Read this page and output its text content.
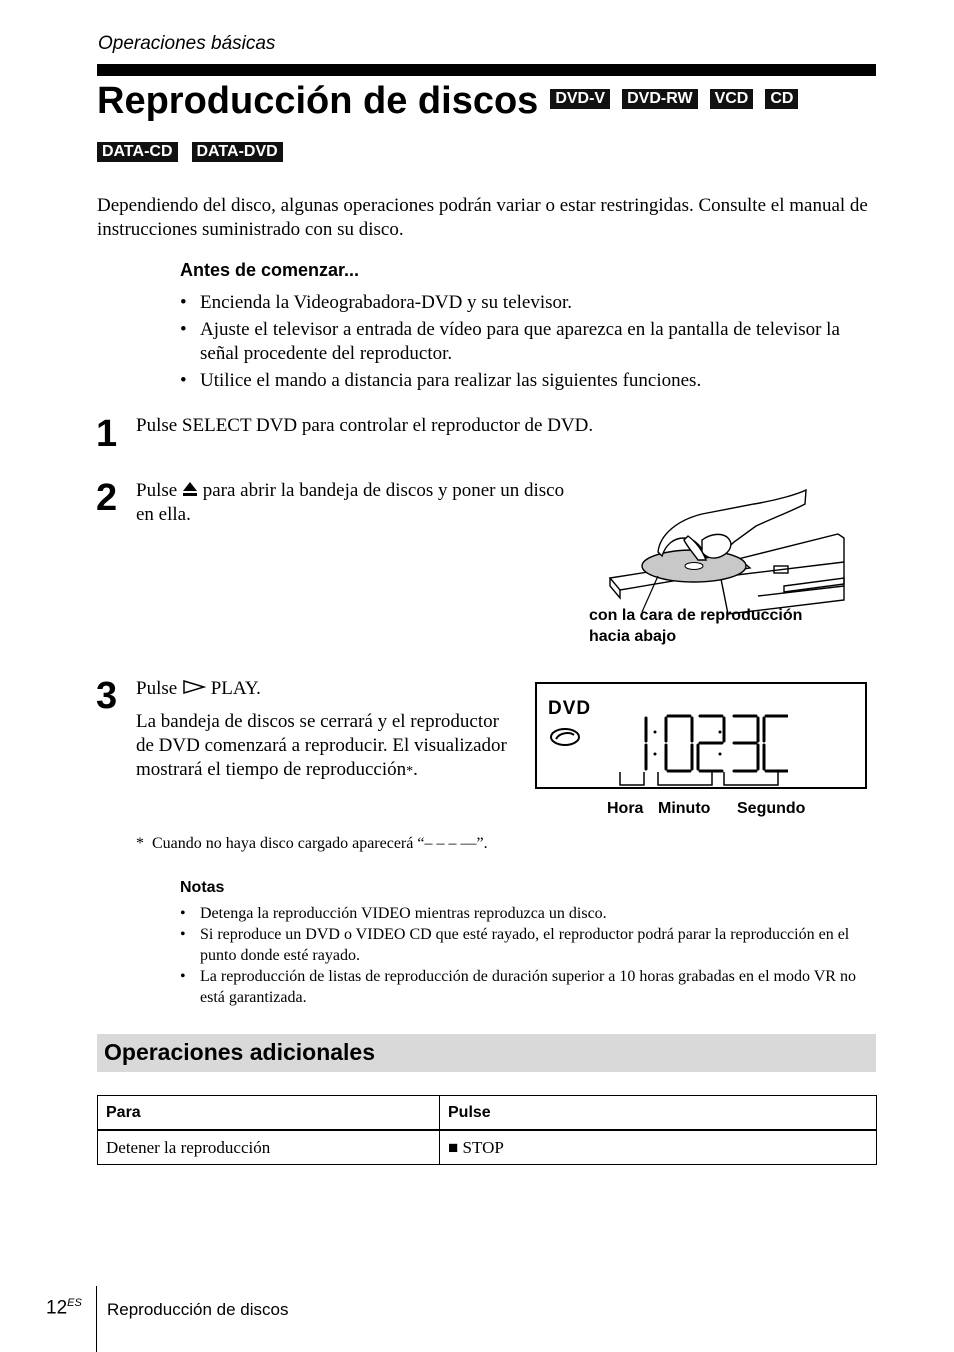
Operaciones básicas
Reproducción de discos DVD-V DVD-RW VCD CD
DATA-CD DATA-DVD
Dependiendo del disco, algunas operaciones podrán variar o estar restringidas. Consulte el manual de instrucciones suministrado con su disco.
Antes de comenzar...
• Encienda la Videograbadora-DVD y su televisor.
• Ajuste el televisor a entrada de vídeo para que aparezca en la pantalla de televisor la señal procedente del reproductor.
• Utilice el mando a distancia para realizar las siguientes funciones.
1 Pulse SELECT DVD para controlar el reproductor de DVD.
2 Pulse para abrir la bandeja de discos y poner un disco en ella.
con la cara de reproducción hacia abajo
3 Pulse PLAY.
La bandeja de discos se cerrará y el reproductor de DVD comenzará a reproducir. El visualizador mostrará el tiempo de reproducción*.
DVD
Hora Minuto Segundo
* Cuando no haya disco cargado aparecerá “– – – —”.
Notas
• Detenga la reproducción VIDEO mientras reproduzca un disco.
• Si reproduce un DVD o VIDEO CD que esté rayado, el reproductor podrá parar la reproducción en el punto donde esté rayado.
• La reproducción de listas de reproducción de duración superior a 10 horas grabadas en el modo VR no está garantizada.
Operaciones adicionales
Para	Pulse
Detener la reproducción	■ STOP
$12^{ES}$ Reproducción de discos
